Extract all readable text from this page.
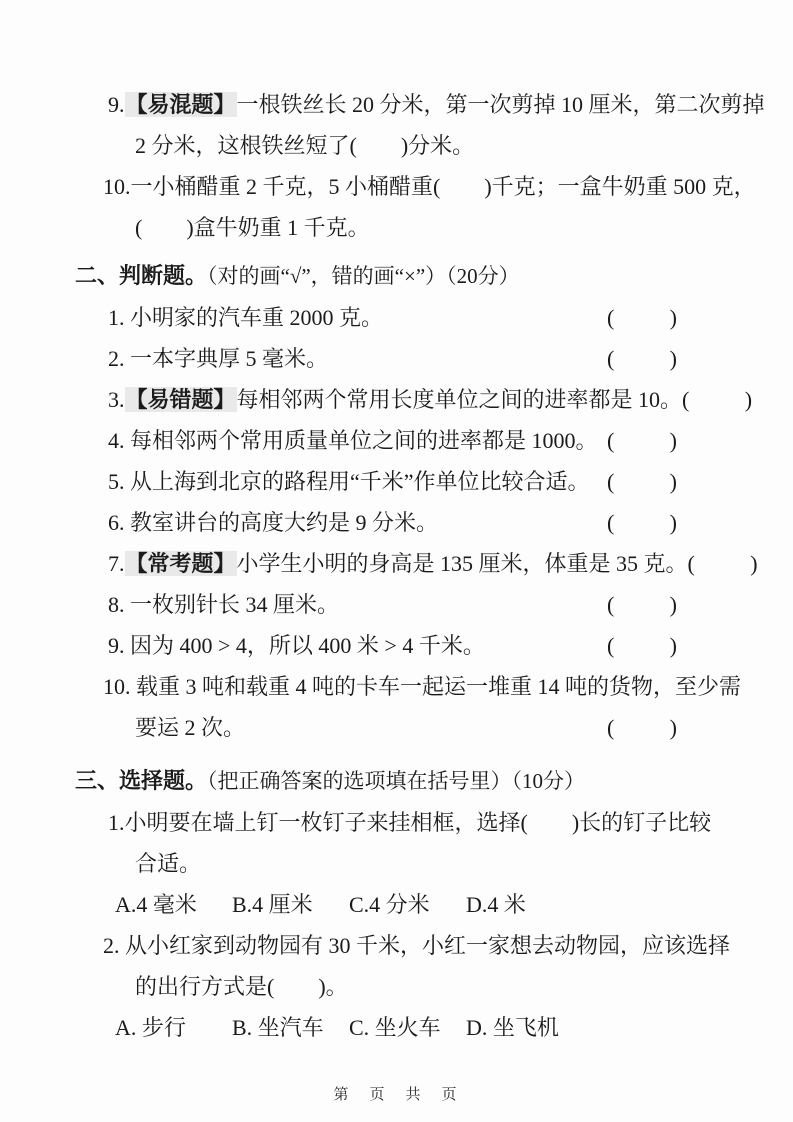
9.【易混题】一根铁丝长 20 分米，第一次剪掉 10 厘米，第二次剪掉
2 分米，这根铁丝短了(　　)分米。
10.一小桶醋重 2 千克，5 小桶醋重(　　)千克；一盒牛奶重 500 克，
(　　)盒牛奶重 1 千克。
二、判断题。（对的画“√”，错的画“×”）（20分）
1. 小明家的汽车重 2000 克。	(	)
2. 一本字典厚 5 毫米。	(	)
3.【易错题】每相邻两个常用长度单位之间的进率都是 10。 (	)
4. 每相邻两个常用质量单位之间的进率都是 1000。 (	)
5. 从上海到北京的路程用“千米”作单位比较合适。 (	)
6. 教室讲台的高度大约是 9 分米。	(	)
7.【常考题】小学生小明的身高是 135 厘米，体重是 35 克。 (	)
8. 一枚别针长 34 厘米。	(	)
9. 因为 400 > 4，所以 400 米 > 4 千米。	(	)
10. 载重 3 吨和载重 4 吨的卡车一起运一堆重 14 吨的货物，至少需
要运 2 次。	(	)
三、选择题。（把正确答案的选项填在括号里）（10分）
1.小明要在墙上钉一枚钉子来挂相框，选择(　　)长的钉子比较
合适。
A.4 毫米 B.4 厘米 C.4 分米 D.4 米
2. 从小红家到动物园有 30 千米，小红一家想去动物园，应该选择
的出行方式是(　　)。
A. 步行 B. 坐汽车 C. 坐火车 D. 坐飞机
第　页　共　页
